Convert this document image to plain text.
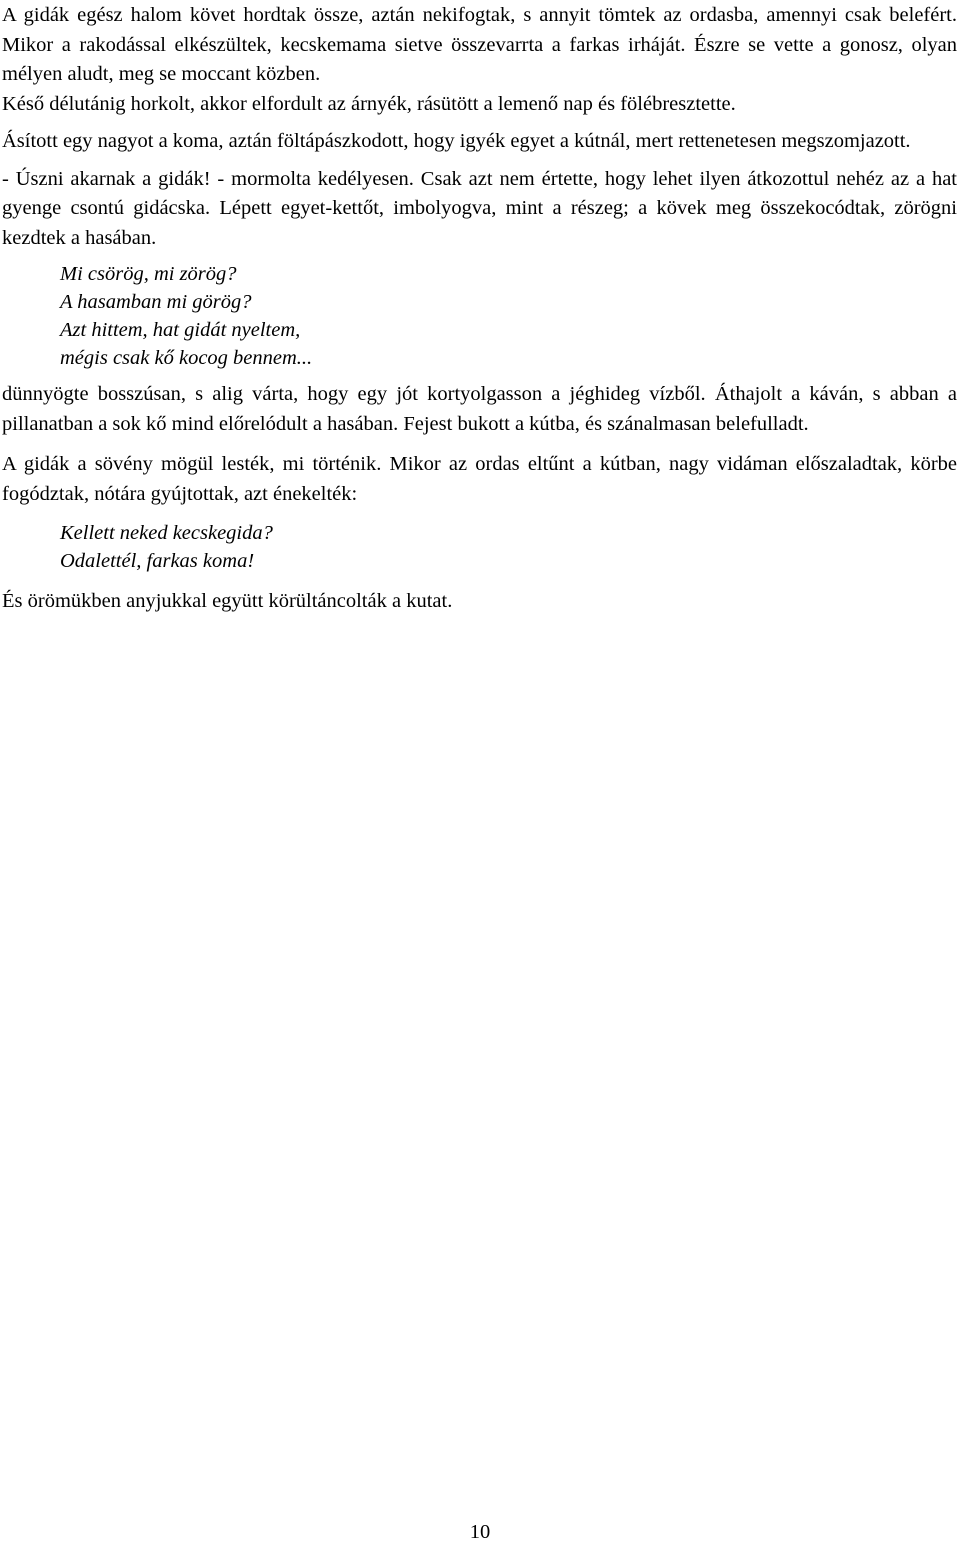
A gidák egész halom követ hordtak össze, aztán nekifogtak, s annyit tömtek az ordasba, amennyi csak belefért. Mikor a rakodással elkészültek, kecskemama sietve összevarrta a farkas irháját. Észre se vette a gonosz, olyan mélyen aludt, meg se moccant közben.

Késő délutánig horkolt, akkor elfordult az árnyék, rásütött a lemenő nap és fölébresztette.

Ásított egy nagyot a koma, aztán föltápászkodott, hogy igyék egyet a kútnál, mert rettenetesen megszomjazott.

- Úszni akarnak a gidák! - mormolta kedélyesen. Csak azt nem értette, hogy lehet ilyen átkozottul nehéz az a hat gyenge csontú gidácska. Lépett egyet-kettőt, imbolyogva, mint a részeg; a kövek meg összekocódtak, zörögni kezdtek a hasában.

Mi csörög, mi zörög?
A hasamban mi görög?
Azt hittem, hat gidát nyeltem,
mégis csak kő kocog bennem...

dünnyögte bosszúsan, s alig várta, hogy egy jót kortyolgasson a jéghideg vízből. Áthajolt a káván, s abban a pillanatban a sok kő mind előrelódult a hasában. Fejest bukott a kútba, és szánalmasan belefulladt.

A gidák a sövény mögül lesték, mi történik. Mikor az ordas eltűnt a kútban, nagy vidáman előszaladtak, körbe fogództak, nótára gyújtottak, azt énekelték:

Kellett neked kecskegida?
Odalettél, farkas koma!

És örömükben anyjukkal együtt körültáncolták a kutat.

10
